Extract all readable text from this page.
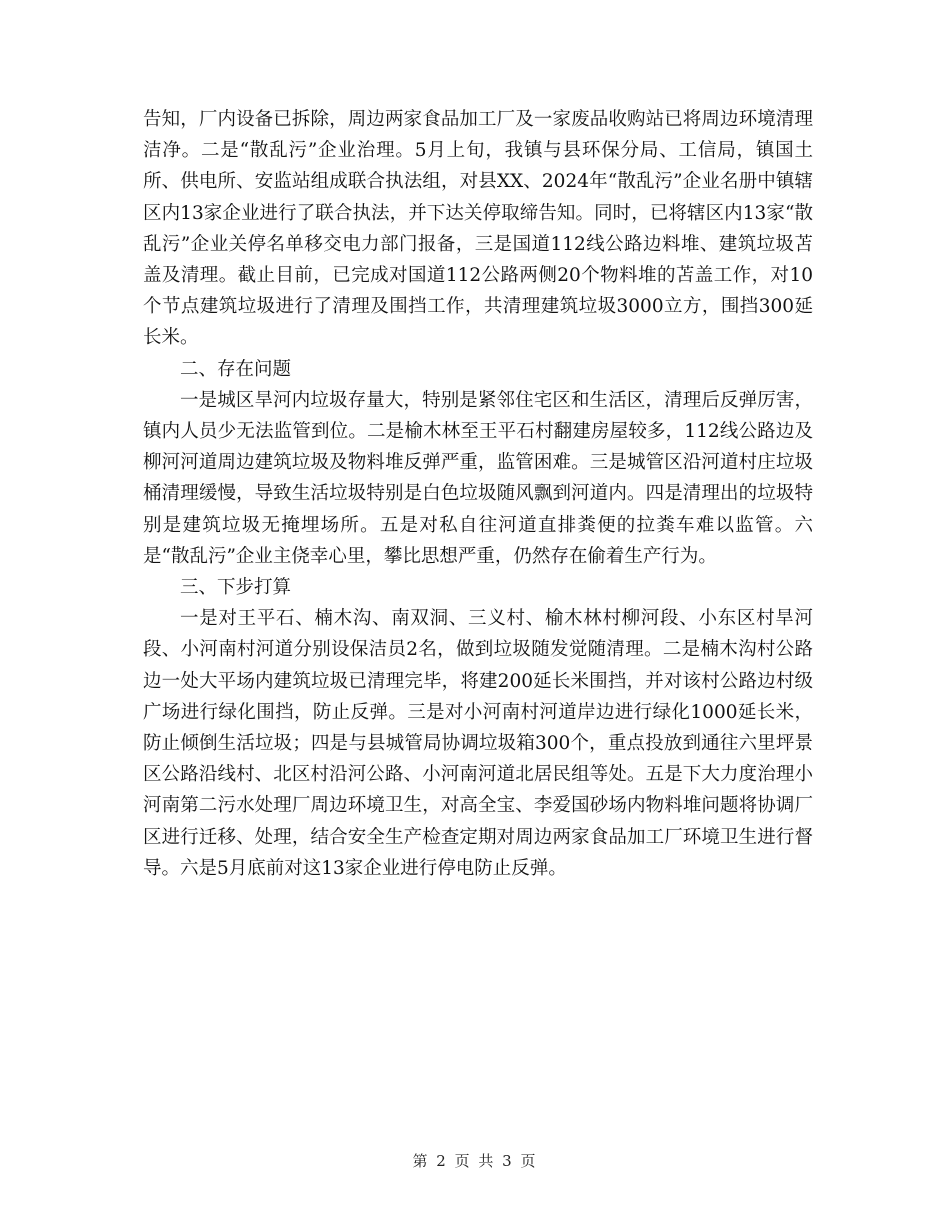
告知，厂内设备已拆除，周边两家食品加工厂及一家废品收购站已将周边环境清理洁净。二是“散乱污”企业治理。5月上旬，我镇与县环保分局、工信局，镇国土所、供电所、安监站组成联合执法组，对县XX、2024年“散乱污”企业名册中镇辖区内13家企业进行了联合执法，并下达关停取缔告知。同时，已将辖区内13家“散乱污”企业关停名单移交电力部门报备，三是国道112线公路边料堆、建筑垃圾苫盖及清理。截止目前，已完成对国道112公路两侧20个物料堆的苫盖工作，对10个节点建筑垃圾进行了清理及围挡工作，共清理建筑垃圾3000立方，围挡300延长米。

二、存在问题

一是城区旱河内垃圾存量大，特别是紧邻住宅区和生活区，清理后反弹厉害，镇内人员少无法监管到位。二是榆木林至王平石村翻建房屋较多，112线公路边及柳河河道周边建筑垃圾及物料堆反弹严重，监管困难。三是城管区沿河道村庄垃圾桶清理缓慢，导致生活垃圾特别是白色垃圾随风飘到河道内。四是清理出的垃圾特别是建筑垃圾无掩埋场所。五是对私自往河道直排粪便的拉粪车难以监管。六是“散乱污”企业主侥幸心里，攀比思想严重，仍然存在偷着生产行为。

三、下步打算

一是对王平石、楠木沟、南双洞、三义村、榆木林村柳河段、小东区村旱河段、小河南村河道分别设保洁员2名，做到垃圾随发觉随清理。二是楠木沟村公路边一处大平场内建筑垃圾已清理完毕，将建200延长米围挡，并对该村公路边村级广场进行绿化围挡，防止反弹。三是对小河南村河道岸边进行绿化1000延长米，防止倾倒生活垃圾；四是与县城管局协调垃圾箱300个，重点投放到通往六里坪景区公路沿线村、北区村沿河公路、小河南河道北居民组等处。五是下大力度治理小河南第二污水处理厂周边环境卫生，对高全宝、李爱国砂场内物料堆问题将协调厂区进行迁移、处理，结合安全生产检查定期对周边两家食品加工厂环境卫生进行督导。六是5月底前对这13家企业进行停电防止反弹。

第 2 页 共 3 页
